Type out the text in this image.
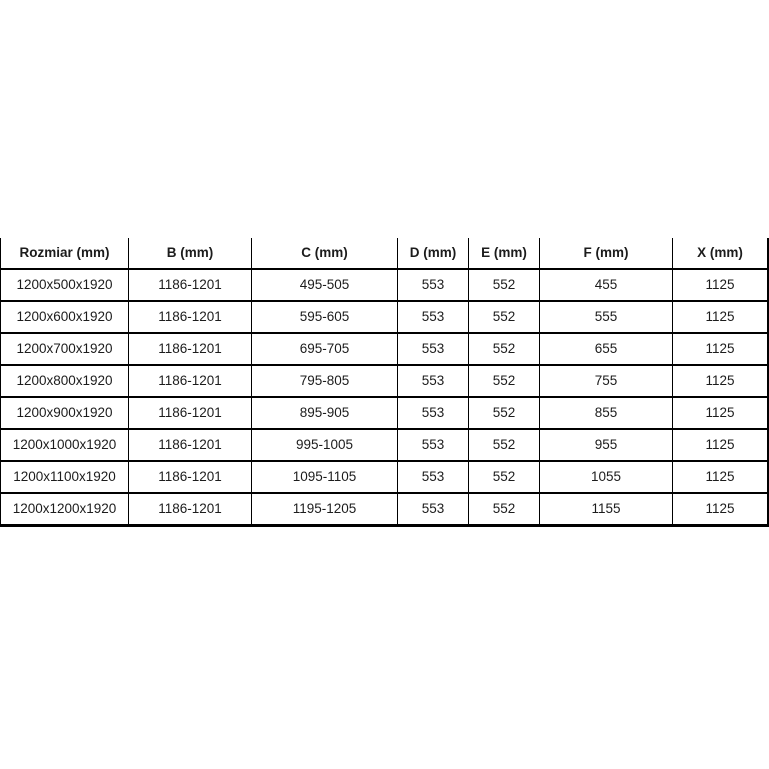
Rozmiar (mm)	B (mm)	C (mm)	D (mm)	E (mm)	F (mm)	X (mm)
1200x500x1920	1186-1201	495-505	553	552	455	1125
1200x600x1920	1186-1201	595-605	553	552	555	1125
1200x700x1920	1186-1201	695-705	553	552	655	1125
1200x800x1920	1186-1201	795-805	553	552	755	1125
1200x900x1920	1186-1201	895-905	553	552	855	1125
1200x1000x1920	1186-1201	995-1005	553	552	955	1125
1200x1100x1920	1186-1201	1095-1105	553	552	1055	1125
1200x1200x1920	1186-1201	1195-1205	553	552	1155	1125
